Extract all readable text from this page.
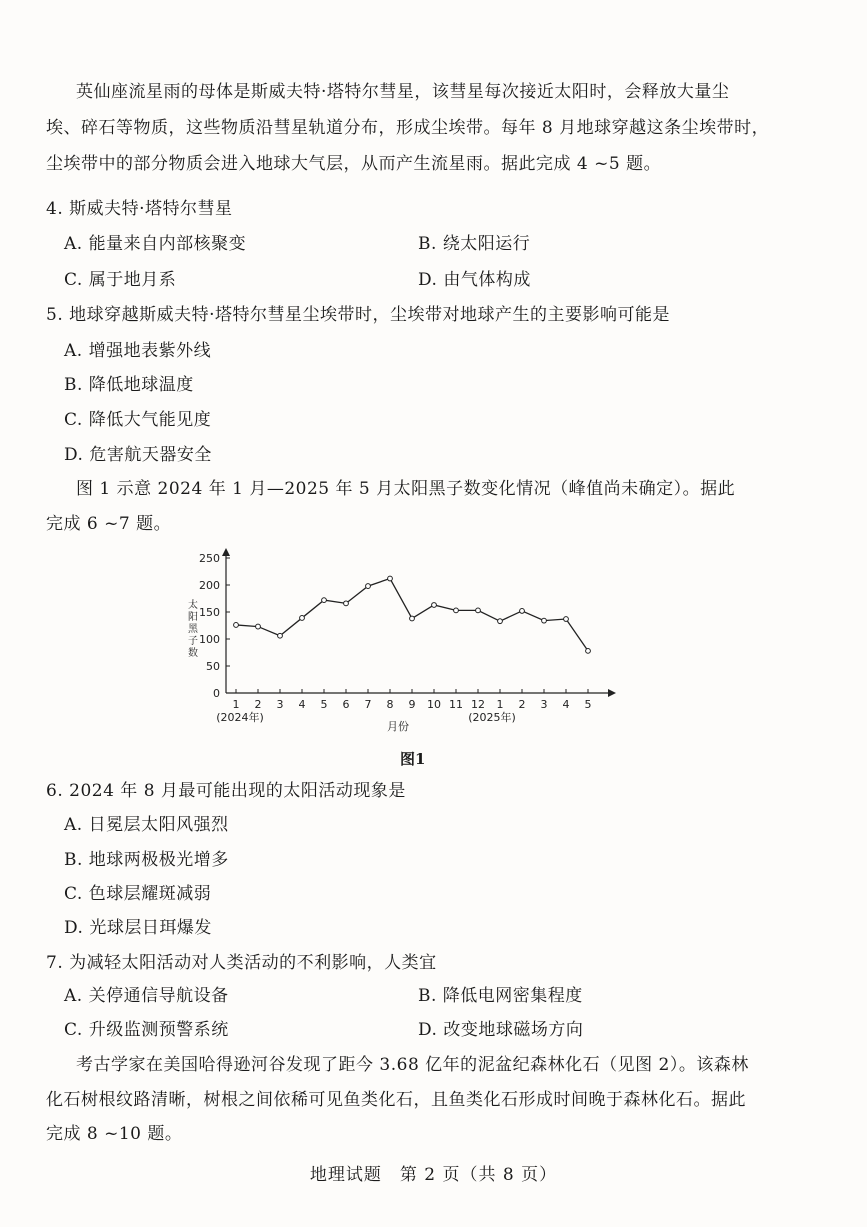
英仙座流星雨的母体是斯威夫特·塔特尔彗星，该彗星每次接近太阳时，会释放大量尘
埃、碎石等物质，这些物质沿彗星轨道分布，形成尘埃带。每年 8 月地球穿越这条尘埃带时，
尘埃带中的部分物质会进入地球大气层，从而产生流星雨。据此完成 4 ~5 题。
4. 斯威夫特·塔特尔彗星
A. 能量来自内部核聚变	B. 绕太阳运行
C. 属于地月系	D. 由气体构成
5. 地球穿越斯威夫特·塔特尔彗星尘埃带时，尘埃带对地球产生的主要影响可能是
A. 增强地表紫外线
B. 降低地球温度
C. 降低大气能见度
D. 危害航天器安全
图 1 示意 2024 年 1 月—2025 年 5 月太阳黑子数变化情况（峰值尚未确定）。据此
完成 6 ~7 题。
0
50
100
150
200
250
1 2 3 4 5 6 7 8 9 10 11 12 1 2 3 4 5
太阳黑子数
月份
(2024年)	(2025年)
图1
6. 2024 年 8 月最可能出现的太阳活动现象是
A. 日冕层太阳风强烈
B. 地球两极极光增多
C. 色球层耀斑减弱
D. 光球层日珥爆发
7. 为减轻太阳活动对人类活动的不利影响，人类宜
A. 关停通信导航设备	B. 降低电网密集程度
C. 升级监测预警系统	D. 改变地球磁场方向
考古学家在美国哈得逊河谷发现了距今 3.68 亿年的泥盆纪森林化石（见图 2）。该森林
化石树根纹路清晰，树根之间依稀可见鱼类化石，且鱼类化石形成时间晚于森林化石。据此
完成 8 ~10 题。
地理试题　第 2 页（共 8 页）
